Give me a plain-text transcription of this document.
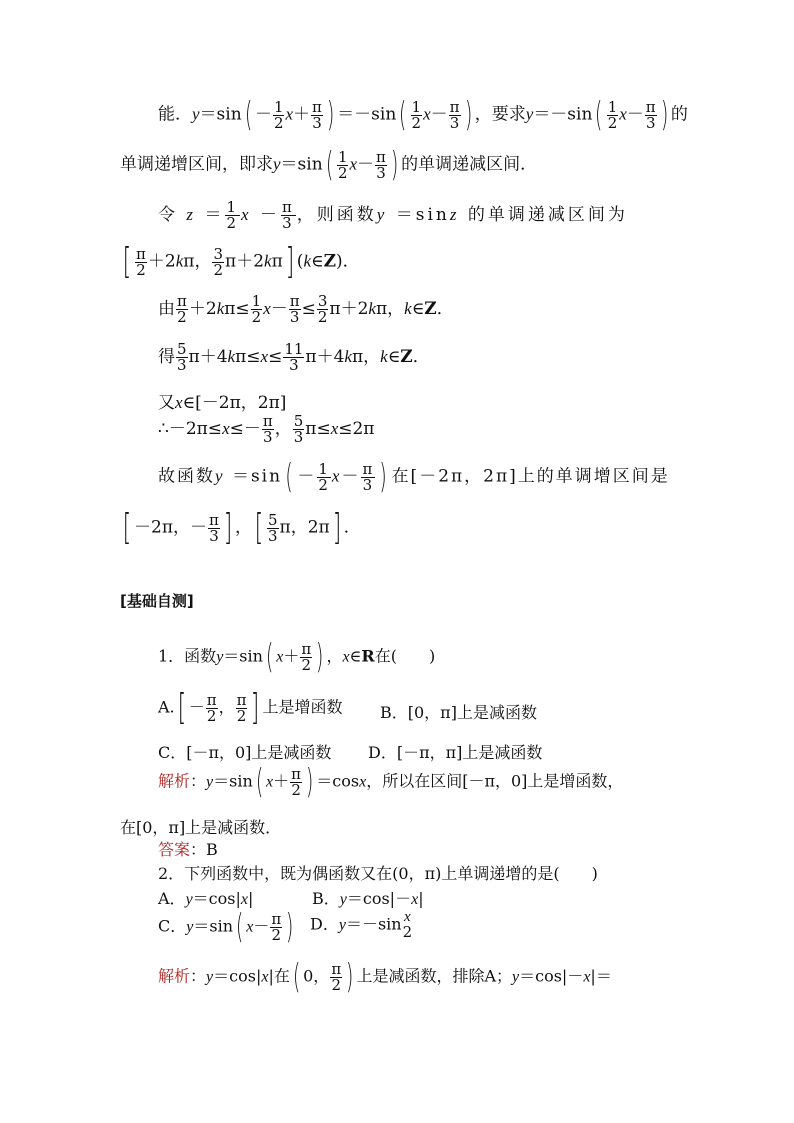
能．$y=\sin( - \frac{1}{2} x+ \frac{\pi}{3}$ ) $=-\sin( \frac{1}{2} x- \frac{\pi}{3}$ ) ，要求$y=-\sin( \frac{1}{2} x- \frac{\pi}{3}$ ) 的
单调递增区间，即求$y=\sin( \frac{1}{2} x- \frac{\pi}{3}$ ) 的单调递减区间．
令 $z = \frac{1}{2}$ $x - \frac{\pi}{3}$ ，则函数y ＝sinz 的单调递减区间为
[ $\frac{\pi}{2} +2k\pi$， $\frac{3}{2} \pi+2k\pi$] (k∈Z)．
由 $\frac{\pi}{2} +2k\pi\le \frac{1}{2} x- \frac{\pi}{3} \le \frac{3}{2} \pi+2k\pi$，k∈Z．
得 $\frac{5}{3} \pi+4k\pi\le x\le \frac{11}{3} \pi+4k\pi$，k∈Z．
又x∈[－2π，2π]
∴－2π≤x≤－ $\frac{\pi}{3}$ ， $\frac{5}{3} \pi\le x\le 2\pi$
故函数y ＝sin ( － $\frac{1}{2} x- \frac{\pi}{3}$ ) 在[－2π，2π]上的单调增区间是
[ －2π，－ $\frac{\pi}{3}$ ] ，[ $\frac{5}{3}$ π，2π] ．
[基础自测]
1．函数y＝sin( $x+ \frac{\pi}{2}$ ) ，x∈R在(　　)
$A.[ - \frac{\pi}{2}$ ， $\frac{\pi}{2}$ ] 上是增函数 B．[0，π]上是减函数
C．[－π，0]上是减函数 D．[－π，π]上是减函数
解析：y＝sin( $x+ \frac{\pi}{2}$ ) ＝cosx，所以在区间[－π，0]上是增函数，
在[0，π]上是减函数．
答案：B
2．下列函数中，既为偶函数又在(0，π)上单调递增的是(　　)
A．y＝cos|x|	B．y＝cos|－x|
C．y＝sin( $x- \frac{\pi}{2}$ ) D．y＝－sin x
2
解析：y＝cos|x|在( 0， $\frac{\pi}{2}$ ) 上是减函数，排除A；y＝cos|－x|＝
